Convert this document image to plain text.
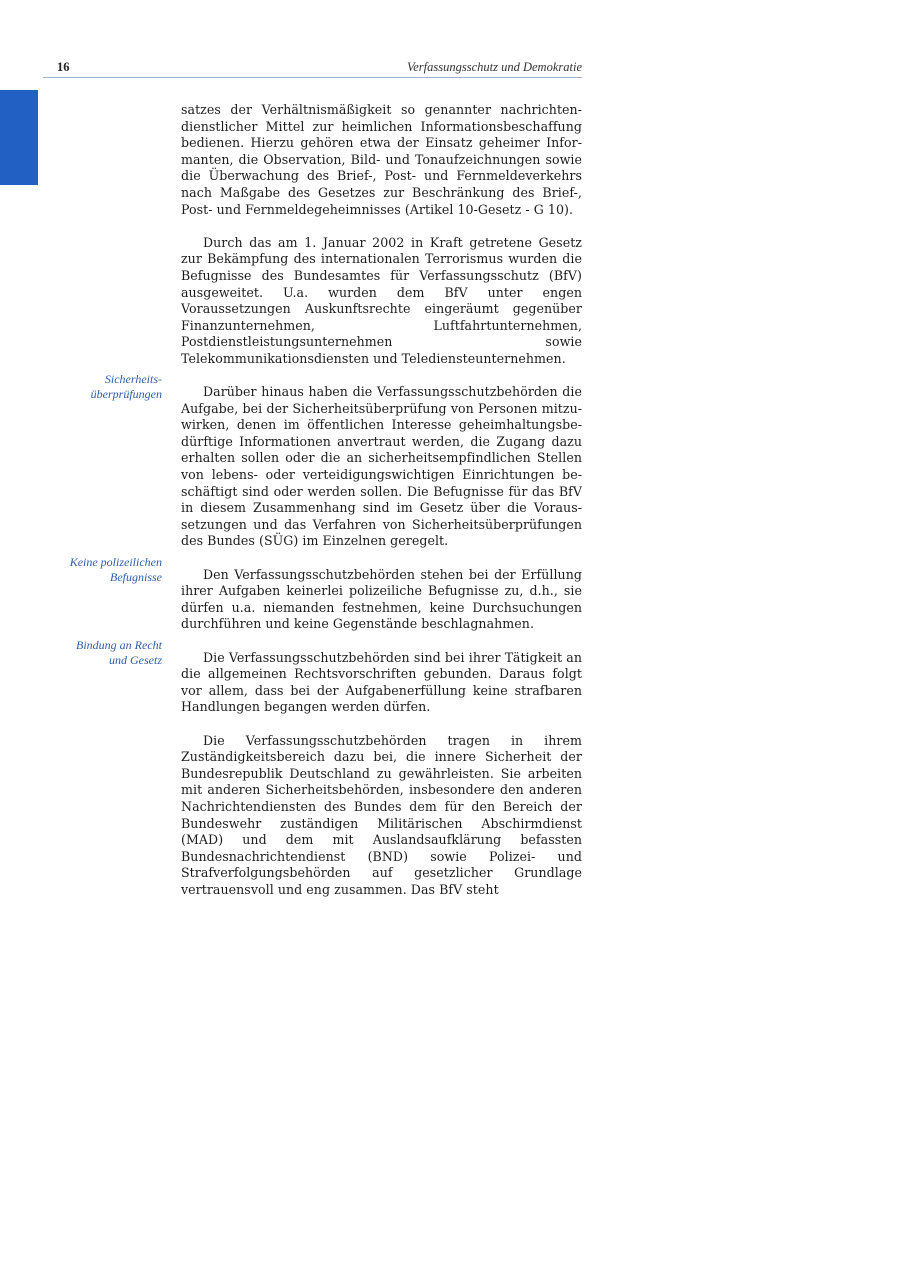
16	Verfassungsschutz und Demokratie
Sicherheits-
überprüfungen
Keine polizeilichen
Befugnisse
Bindung an Recht
und Gesetz

satzes der Verhältnismäßigkeit so genannter nachrichtendienstlicher Mittel zur heimlichen Informationsbeschaffung bedienen. Hierzu gehören etwa der Einsatz geheimer Informanten, die Observation, Bild- und Tonaufzeichnungen sowie die Überwachung des Brief-, Post- und Fernmeldeverkehrs nach Maßgabe des Gesetzes zur Beschränkung des Brief-, Post- und Fernmeldegeheimnisses (Artikel 10-Gesetz - G 10).

Durch das am 1. Januar 2002 in Kraft getretene Gesetz zur Bekämpfung des internationalen Terrorismus wurden die Befugnisse des Bundesamtes für Verfassungsschutz (BfV) ausgeweitet. U.a. wurden dem BfV unter engen Voraussetzungen Auskunftsrechte eingeräumt gegenüber Finanzunternehmen, Luftfahrtunternehmen, Postdienstleistungsunternehmen sowie Telekommunikationsdiensten und Telediensteunternehmen.

Darüber hinaus haben die Verfassungsschutzbehörden die Aufgabe, bei der Sicherheitsüberprüfung von Personen mitzuwirken, denen im öffentlichen Interesse geheimhaltungsbedürftige Informationen anvertraut werden, die Zugang dazu erhalten sollen oder die an sicherheitsempfindlichen Stellen von lebens- oder verteidigungswichtigen Einrichtungen beschäftigt sind oder werden sollen. Die Befugnisse für das BfV in diesem Zusammenhang sind im Gesetz über die Voraussetzungen und das Verfahren von Sicherheitsüberprüfungen des Bundes (SÜG) im Einzelnen geregelt.

Den Verfassungsschutzbehörden stehen bei der Erfüllung ihrer Aufgaben keinerlei polizeiliche Befugnisse zu, d.h., sie dürfen u.a. niemanden festnehmen, keine Durchsuchungen durchführen und keine Gegenstände beschlagnahmen.

Die Verfassungsschutzbehörden sind bei ihrer Tätigkeit an die allgemeinen Rechtsvorschriften gebunden. Daraus folgt vor allem, dass bei der Aufgabenerfüllung keine strafbaren Handlungen begangen werden dürfen.

Die Verfassungsschutzbehörden tragen in ihrem Zuständigkeitsbereich dazu bei, die innere Sicherheit der Bundesrepublik Deutschland zu gewährleisten. Sie arbeiten mit anderen Sicherheitsbehörden, insbesondere den anderen Nachrichtendiensten des Bundes dem für den Bereich der Bundeswehr zuständigen Militärischen Abschirmdienst (MAD) und dem mit Auslandsaufklärung befassten Bundesnachrichtendienst (BND) sowie Polizei- und Strafverfolgungsbehörden auf gesetzlicher Grundlage vertrauensvoll und eng zusammen. Das BfV steht
